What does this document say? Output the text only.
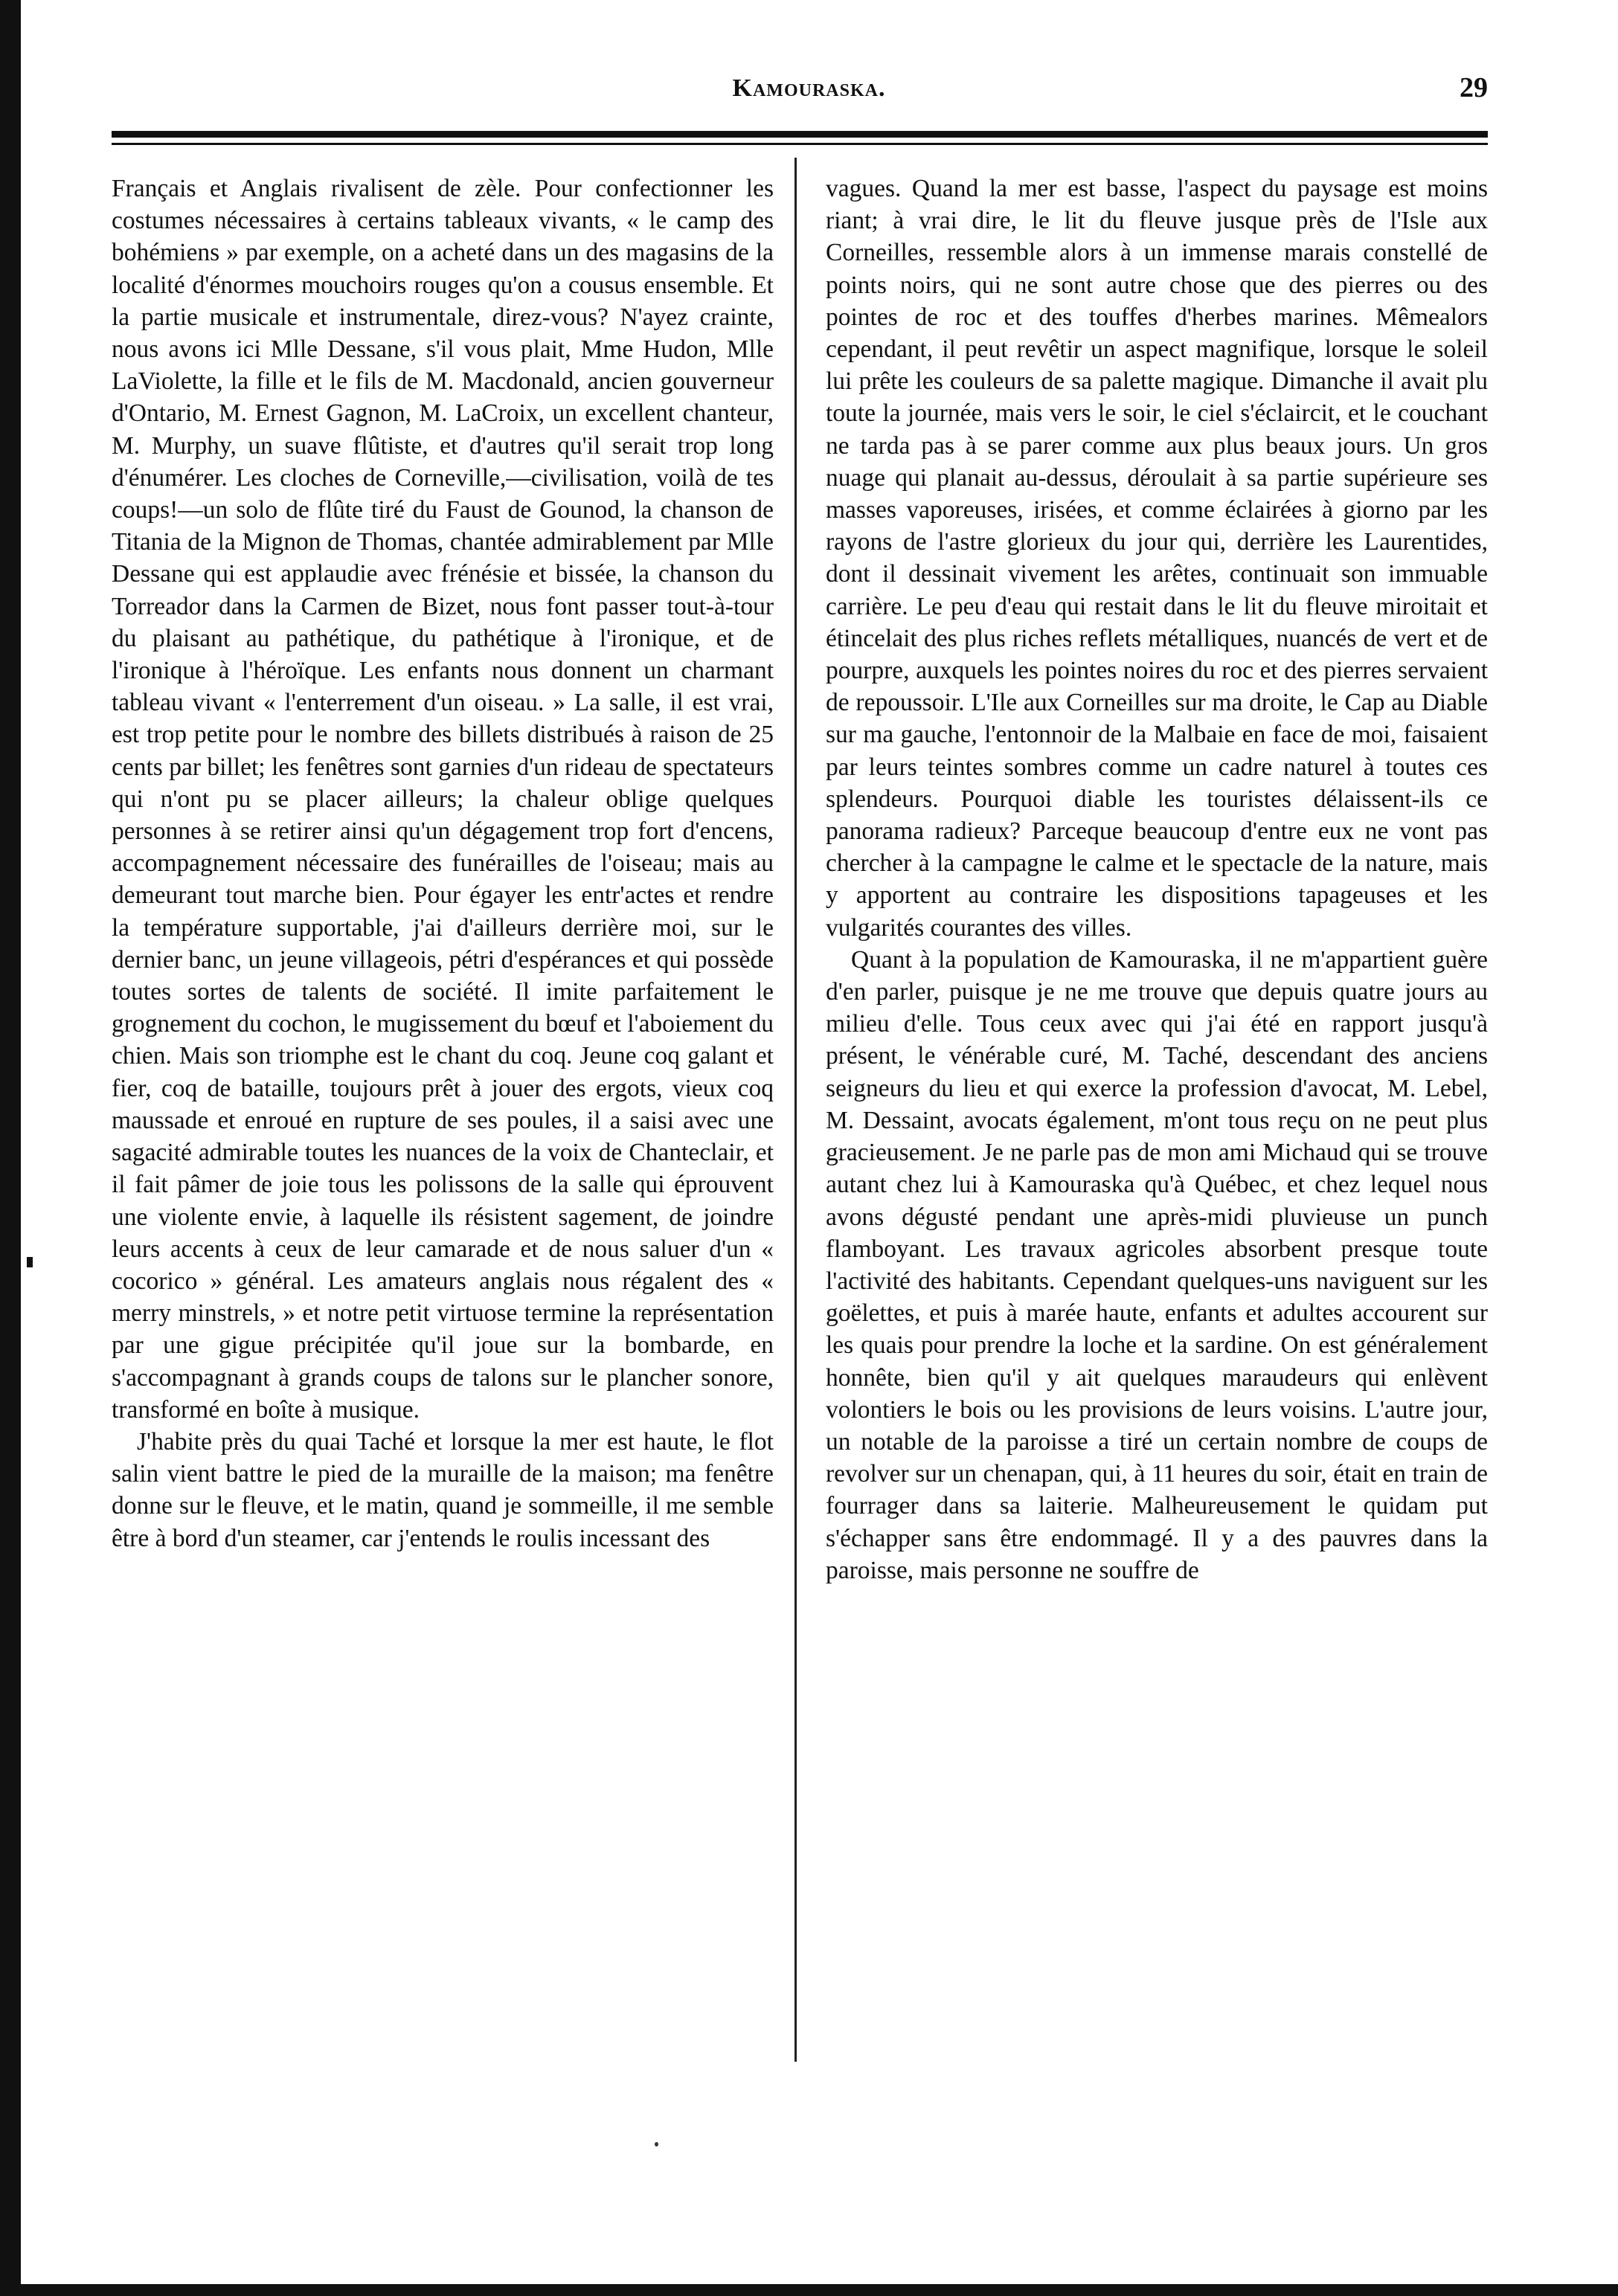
Kamouraska.	29

Français et Anglais rivalisent de zèle. Pour confectionner les costumes nécessaires à certains tableaux vivants, « le camp des bohémiens » par exemple, on a acheté dans un des magasins de la localité d'énormes mouchoirs rouges qu'on a cousus ensemble. Et la partie musicale et instrumentale, direz-vous? N'ayez crainte, nous avons ici Mlle Dessane, s'il vous plait, Mme Hudon, Mlle LaViolette, la fille et le fils de M. Macdonald, ancien gouverneur d'Ontario, M. Ernest Gagnon, M. LaCroix, un excellent chanteur, M. Murphy, un suave flûtiste, et d'autres qu'il serait trop long d'énumérer. Les cloches de Corneville,—civilisation, voilà de tes coups!—un solo de flûte tiré du Faust de Gounod, la chanson de Titania de la Mignon de Thomas, chantée admirablement par Mlle Dessane qui est applaudie avec frénésie et bissée, la chanson du Torreador dans la Carmen de Bizet, nous font passer tout-à-tour du plaisant au pathétique, du pathétique à l'ironique, et de l'ironique à l'héroïque. Les enfants nous donnent un charmant tableau vivant « l'enterrement d'un oiseau. » La salle, il est vrai, est trop petite pour le nombre des billets distribués à raison de 25 cents par billet; les fenêtres sont garnies d'un rideau de spectateurs qui n'ont pu se placer ailleurs; la chaleur oblige quelques personnes à se retirer ainsi qu'un dégagement trop fort d'encens, accompagnement nécessaire des funérailles de l'oiseau; mais au demeurant tout marche bien. Pour égayer les entr'actes et rendre la température supportable, j'ai d'ailleurs derrière moi, sur le dernier banc, un jeune villageois, pétri d'espérances et qui possède toutes sortes de talents de société. Il imite parfaitement le grognement du cochon, le mugissement du bœuf et l'aboiement du chien. Mais son triomphe est le chant du coq. Jeune coq galant et fier, coq de bataille, toujours prêt à jouer des ergots, vieux coq maussade et enroué en rupture de ses poules, il a saisi avec une sagacité admirable toutes les nuances de la voix de Chanteclair, et il fait pâmer de joie tous les polissons de la salle qui éprouvent une violente envie, à laquelle ils résistent sagement, de joindre leurs accents à ceux de leur camarade et de nous saluer d'un « cocorico » général. Les amateurs anglais nous régalent des « merry minstrels, » et notre petit virtuose termine la représentation par une gigue précipitée qu'il joue sur la bombarde, en s'accompagnant à grands coups de talons sur le plancher sonore, transformé en boîte à musique.

J'habite près du quai Taché et lorsque la mer est haute, le flot salin vient battre le pied de la muraille de la maison; ma fenêtre donne sur le fleuve, et le matin, quand je sommeille, il me semble être à bord d'un steamer, car j'entends le roulis incessant des

vagues. Quand la mer est basse, l'aspect du paysage est moins riant; à vrai dire, le lit du fleuve jusque près de l'Isle aux Corneilles, ressemble alors à un immense marais constellé de points noirs, qui ne sont autre chose que des pierres ou des pointes de roc et des touffes d'herbes marines. Mêmealors cependant, il peut revêtir un aspect magnifique, lorsque le soleil lui prête les couleurs de sa palette magique. Dimanche il avait plu toute la journée, mais vers le soir, le ciel s'éclaircit, et le couchant ne tarda pas à se parer comme aux plus beaux jours. Un gros nuage qui planait au-dessus, déroulait à sa partie supérieure ses masses vaporeuses, irisées, et comme éclairées à giorno par les rayons de l'astre glorieux du jour qui, derrière les Laurentides, dont il dessinait vivement les arêtes, continuait son immuable carrière. Le peu d'eau qui restait dans le lit du fleuve miroitait et étincelait des plus riches reflets métalliques, nuancés de vert et de pourpre, auxquels les pointes noires du roc et des pierres servaient de repoussoir. L'Ile aux Corneilles sur ma droite, le Cap au Diable sur ma gauche, l'entonnoir de la Malbaie en face de moi, faisaient par leurs teintes sombres comme un cadre naturel à toutes ces splendeurs. Pourquoi diable les touristes délaissent-ils ce panorama radieux? Parceque beaucoup d'entre eux ne vont pas chercher à la campagne le calme et le spectacle de la nature, mais y apportent au contraire les dispositions tapageuses et les vulgarités courantes des villes.

Quant à la population de Kamouraska, il ne m'appartient guère d'en parler, puisque je ne me trouve que depuis quatre jours au milieu d'elle. Tous ceux avec qui j'ai été en rapport jusqu'à présent, le vénérable curé, M. Taché, descendant des anciens seigneurs du lieu et qui exerce la profession d'avocat, M. Lebel, M. Dessaint, avocats également, m'ont tous reçu on ne peut plus gracieusement. Je ne parle pas de mon ami Michaud qui se trouve autant chez lui à Kamouraska qu'à Québec, et chez lequel nous avons dégusté pendant une après-midi pluvieuse un punch flamboyant. Les travaux agricoles absorbent presque toute l'activité des habitants. Cependant quelques-uns naviguent sur les goëlettes, et puis à marée haute, enfants et adultes accourent sur les quais pour prendre la loche et la sardine. On est généralement honnête, bien qu'il y ait quelques maraudeurs qui enlèvent volontiers le bois ou les provisions de leurs voisins. L'autre jour, un notable de la paroisse a tiré un certain nombre de coups de revolver sur un chenapan, qui, à 11 heures du soir, était en train de fourrager dans sa laiterie. Malheureusement le quidam put s'échapper sans être endommagé. Il y a des pauvres dans la paroisse, mais personne ne souffre de
